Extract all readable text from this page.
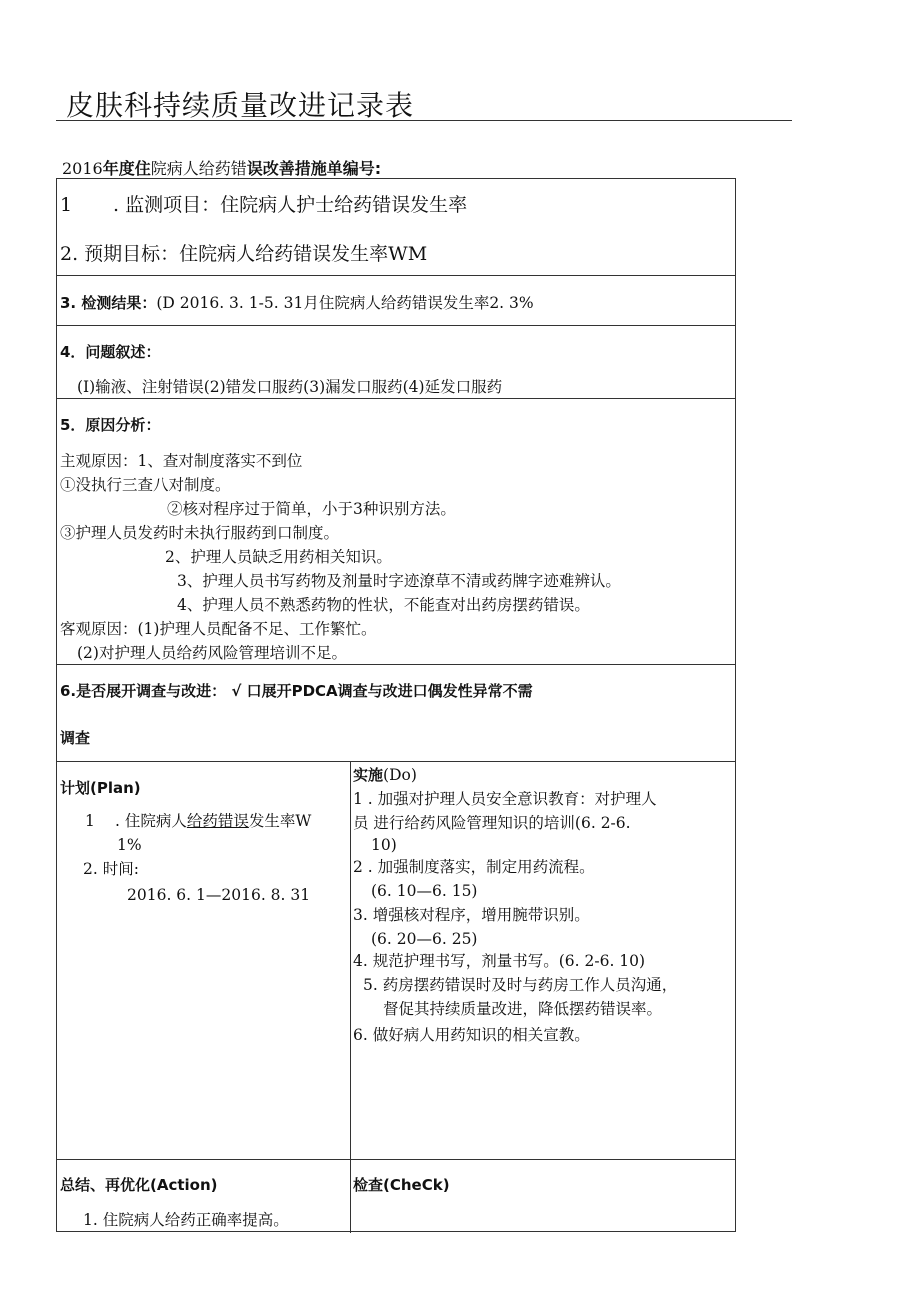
皮肤科持续质量改进记录表
2016年度住院病人给药错误改善措施单编号:
1 . 监测项目：住院病人护士给药错误发生率
2. 预期目标：住院病人给药错误发生率WM
3. 检测结果：(D 2016. 3. 1-5. 31月住院病人给药错误发生率2. 3%
4．问题叙述：
(I)输液、注射错误(2)错发口服药(3)漏发口服药(4)延发口服药
5．原因分析：
主观原因：1、查对制度落实不到位
①没执行三查八对制度。
②核对程序过于简单，小于3种识别方法。
③护理人员发药时未执行服药到口制度。
2、护理人员缺乏用药相关知识。
3、护理人员书写药物及剂量时字迹潦草不清或药牌字迹难辨认。
4、护理人员不熟悉药物的性状，不能查对出药房摆药错误。
客观原因：(1)护理人员配备不足、工作繁忙。
(2)对护理人员给药风险管理培训不足。
6.是否展开调查与改进： √ 口展开PDCA调查与改进口偶发性异常不需
调查
计划(Plan)
1 . 住院病人给药错误发生率W
1%
2. 时间:
2016. 6. 1—2016. 8. 31
实施(Do)
1 . 加强对护理人员安全意识教育：对护理人
员 进行给药风险管理知识的培训(6. 2-6.
10)
2 . 加强制度落实，制定用药流程。
(6. 10—6. 15)
3. 增强核对程序，增用腕带识别。
(6. 20—6. 25)
4. 规范护理书写，剂量书写。(6. 2-6. 10)
5. 药房摆药错误时及时与药房工作人员沟通，
督促其持续质量改进，降低摆药错误率。
6. 做好病人用药知识的相关宣教。
总结、再优化(Action)
1. 住院病人给药正确率提高。
检查(CheCk)
